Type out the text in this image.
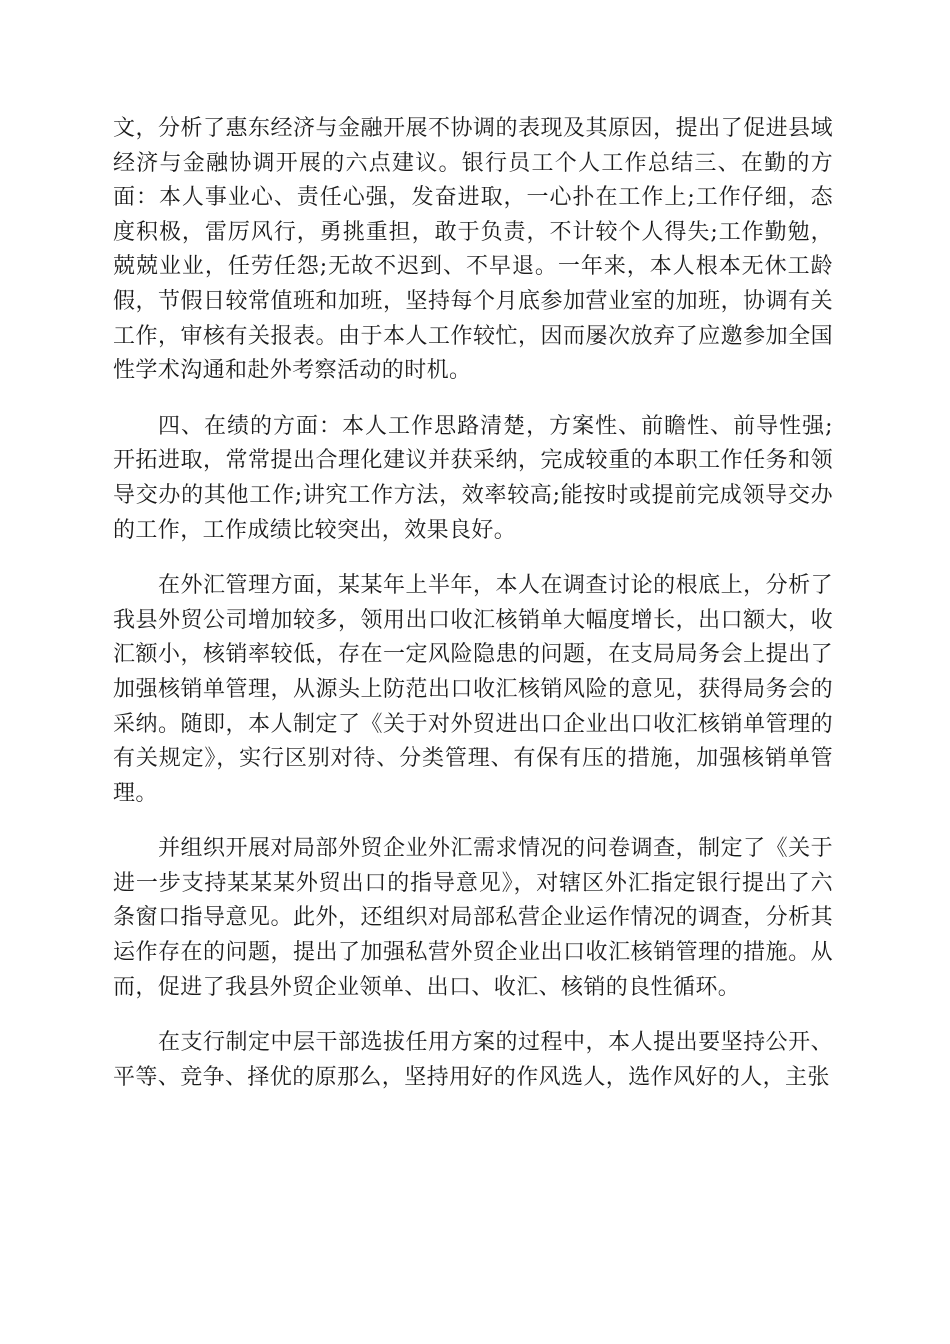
文，分析了惠东经济与金融开展不协调的表现及其原因，提出了促进县域经济与金融协调开展的六点建议。银行员工个人工作总结三、在勤的方面：本人事业心、责任心强，发奋进取，一心扑在工作上;工作仔细，态度积极，雷厉风行，勇挑重担，敢于负责，不计较个人得失;工作勤勉，兢兢业业，任劳任怨;无故不迟到、不早退。一年来，本人根本无休工龄假，节假日较常值班和加班，坚持每个月底参加营业室的加班，协调有关工作，审核有关报表。由于本人工作较忙，因而屡次放弃了应邀参加全国性学术沟通和赴外考察活动的时机。

四、在绩的方面：本人工作思路清楚，方案性、前瞻性、前导性强;开拓进取，常常提出合理化建议并获采纳，完成较重的本职工作任务和领导交办的其他工作;讲究工作方法，效率较高;能按时或提前完成领导交办的工作，工作成绩比较突出，效果良好。

在外汇管理方面，某某年上半年，本人在调查讨论的根底上，分析了我县外贸公司增加较多，领用出口收汇核销单大幅度增长，出口额大，收汇额小，核销率较低，存在一定风险隐患的问题，在支局局务会上提出了加强核销单管理，从源头上防范出口收汇核销风险的意见，获得局务会的采纳。随即，本人制定了《关于对外贸进出口企业出口收汇核销单管理的有关规定》，实行区别对待、分类管理、有保有压的措施，加强核销单管理。

并组织开展对局部外贸企业外汇需求情况的问卷调查，制定了《关于进一步支持某某某外贸出口的指导意见》，对辖区外汇指定银行提出了六条窗口指导意见。此外，还组织对局部私营企业运作情况的调查，分析其运作存在的问题，提出了加强私营外贸企业出口收汇核销管理的措施。从而，促进了我县外贸企业领单、出口、收汇、核销的良性循环。

在支行制定中层干部选拔任用方案的过程中，本人提出要坚持公开、平等、竞争、择优的原那么，坚持用好的作风选人，选作风好的人，主张
